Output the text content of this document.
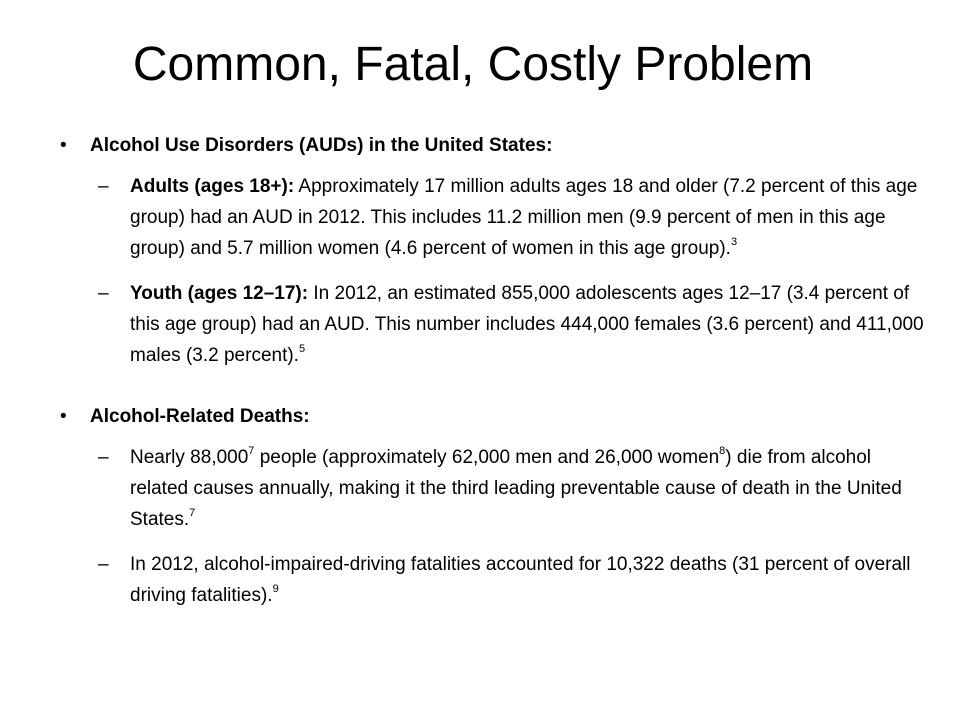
Common, Fatal, Costly Problem
• Alcohol Use Disorders (AUDs) in the United States:
– Adults (ages 18+): Approximately 17 million adults ages 18 and older (7.2 percent of this age group) had an AUD in 2012. This includes 11.2 million men (9.9 percent of men in this age group) and 5.7 million women (4.6 percent of women in this age group).$^3$
– Youth (ages 12–17): In 2012, an estimated 855,000 adolescents ages 12–17 (3.4 percent of this age group) had an AUD. This number includes 444,000 females (3.6 percent) and 411,000 males (3.2 percent).$^5$
• Alcohol-Related Deaths:
– Nearly 88,000$^7$ people (approximately 62,000 men and 26,000 women$^8$) die from alcohol related causes annually, making it the third leading preventable cause of death in the United States.$^7$
– In 2012, alcohol-impaired-driving fatalities accounted for 10,322 deaths (31 percent of overall driving fatalities).$^9$
